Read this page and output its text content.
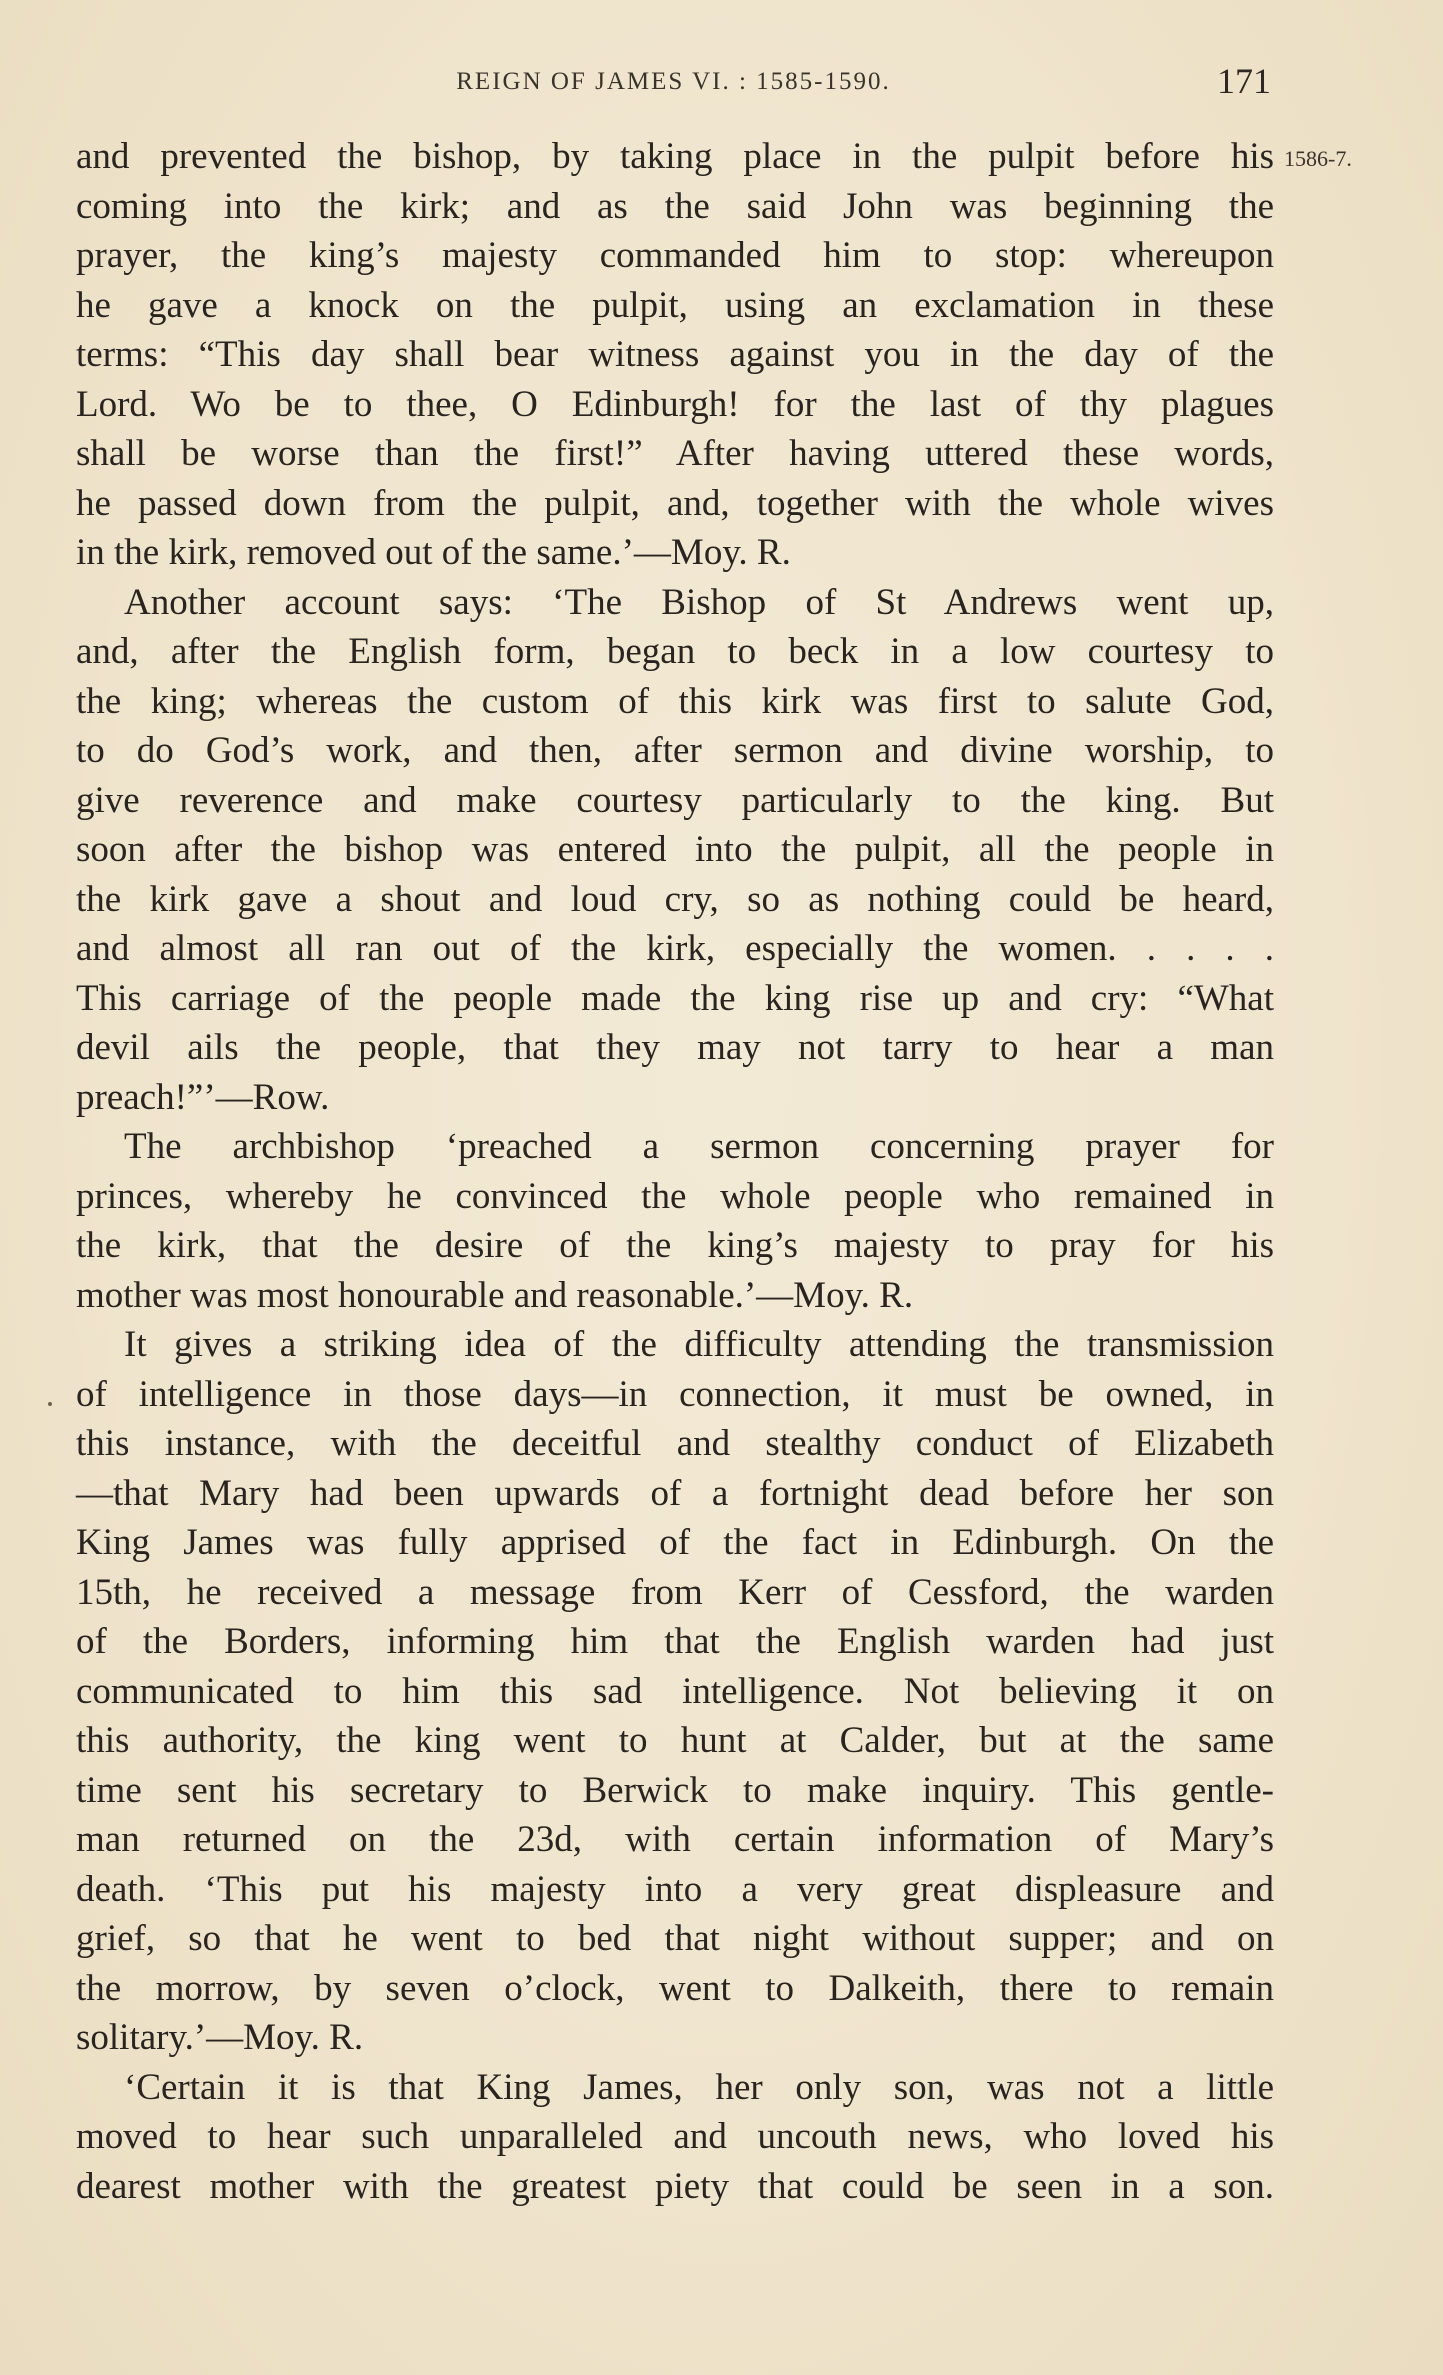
REIGN OF JAMES VI. : 1585-1590.	171
1586-7.
and prevented the bishop, by taking place in the pulpit before his
coming into the kirk; and as the said John was beginning the
prayer, the king’s majesty commanded him to stop: whereupon
he gave a knock on the pulpit, using an exclamation in these
terms: “This day shall bear witness against you in the day of the
Lord. Wo be to thee, O Edinburgh! for the last of thy plagues
shall be worse than the first!” After having uttered these words,
he passed down from the pulpit, and, together with the whole wives
in the kirk, removed out of the same.’—Moy. R.
Another account says: ‘The Bishop of St Andrews went up,
and, after the English form, began to beck in a low courtesy to
the king; whereas the custom of this kirk was first to salute God,
to do God’s work, and then, after sermon and divine worship, to
give reverence and make courtesy particularly to the king. But
soon after the bishop was entered into the pulpit, all the people in
the kirk gave a shout and loud cry, so as nothing could be heard,
and almost all ran out of the kirk, especially the women. . . . .
This carriage of the people made the king rise up and cry: “What
devil ails the people, that they may not tarry to hear a man
preach!”’—Row.
The archbishop ‘preached a sermon concerning prayer for
princes, whereby he convinced the whole people who remained in
the kirk, that the desire of the king’s majesty to pray for his
mother was most honourable and reasonable.’—Moy. R.
It gives a striking idea of the difficulty attending the transmission
of intelligence in those days—in connection, it must be owned, in
this instance, with the deceitful and stealthy conduct of Elizabeth
—that Mary had been upwards of a fortnight dead before her son
King James was fully apprised of the fact in Edinburgh. On the
15th, he received a message from Kerr of Cessford, the warden
of the Borders, informing him that the English warden had just
communicated to him this sad intelligence. Not believing it on
this authority, the king went to hunt at Calder, but at the same
time sent his secretary to Berwick to make inquiry. This gentle-
man returned on the 23d, with certain information of Mary’s
death. ‘This put his majesty into a very great displeasure and
grief, so that he went to bed that night without supper; and on
the morrow, by seven o’clock, went to Dalkeith, there to remain
solitary.’—Moy. R.
‘Certain it is that King James, her only son, was not a little
moved to hear such unparalleled and uncouth news, who loved his
dearest mother with the greatest piety that could be seen in a son.
